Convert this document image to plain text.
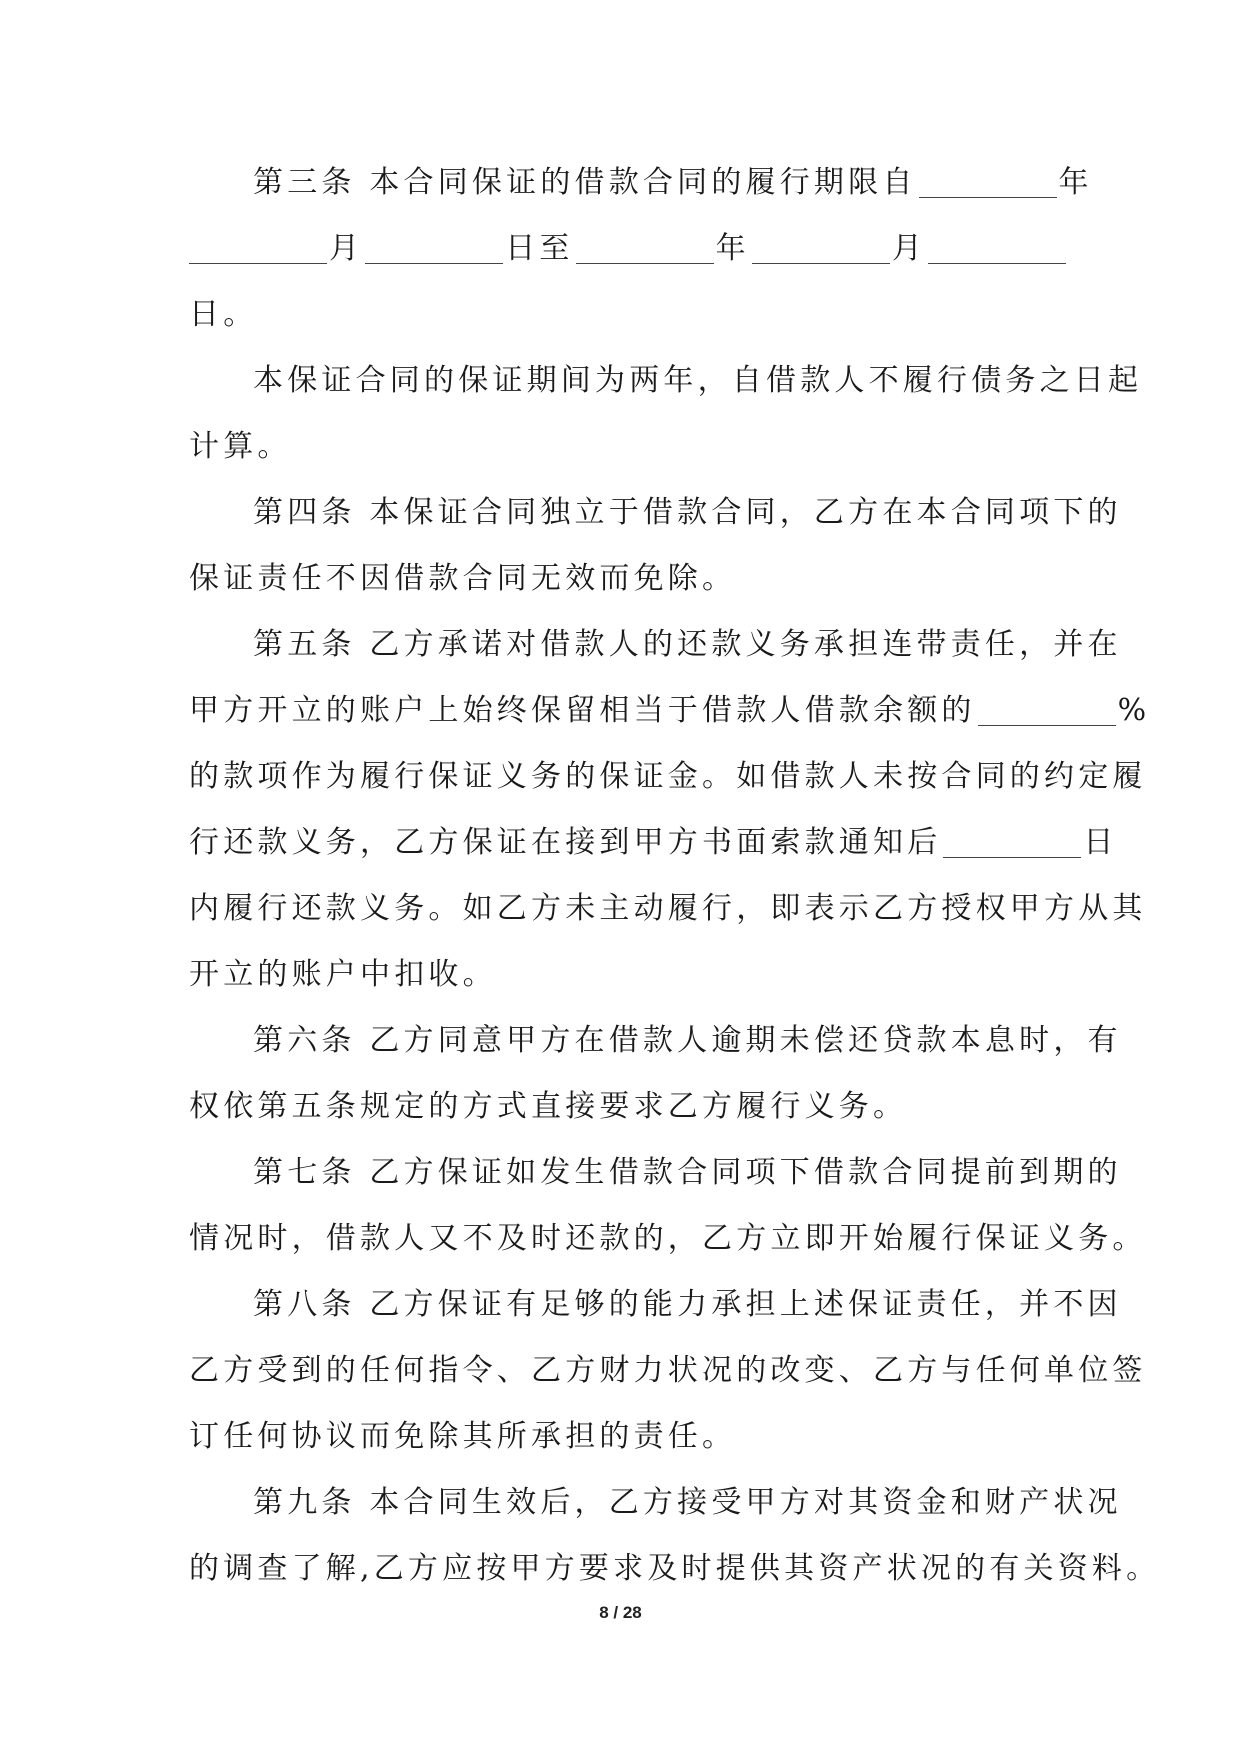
第三条 本合同保证的借款合同的履行期限自	年
月	日至	年	月
日。
本保证合同的保证期间为两年，自借款人不履行债务之日起
计算。
第四条 本保证合同独立于借款合同，乙方在本合同项下的
保证责任不因借款合同无效而免除。
第五条 乙方承诺对借款人的还款义务承担连带责任，并在
甲方开立的账户上始终保留相当于借款人借款余额的	%
的款项作为履行保证义务的保证金。如借款人未按合同的约定履
行还款义务，乙方保证在接到甲方书面索款通知后	日
内履行还款义务。如乙方未主动履行，即表示乙方授权甲方从其
开立的账户中扣收。
第六条 乙方同意甲方在借款人逾期未偿还贷款本息时，有
权依第五条规定的方式直接要求乙方履行义务。
第七条 乙方保证如发生借款合同项下借款合同提前到期的
情况时，借款人又不及时还款的，乙方立即开始履行保证义务。
第八条 乙方保证有足够的能力承担上述保证责任，并不因
乙方受到的任何指令、乙方财力状况的改变、乙方与任何单位签
订任何协议而免除其所承担的责任。
第九条 本合同生效后，乙方接受甲方对其资金和财产状况
的调查了解,乙方应按甲方要求及时提供其资产状况的有关资料。
8 / 28
